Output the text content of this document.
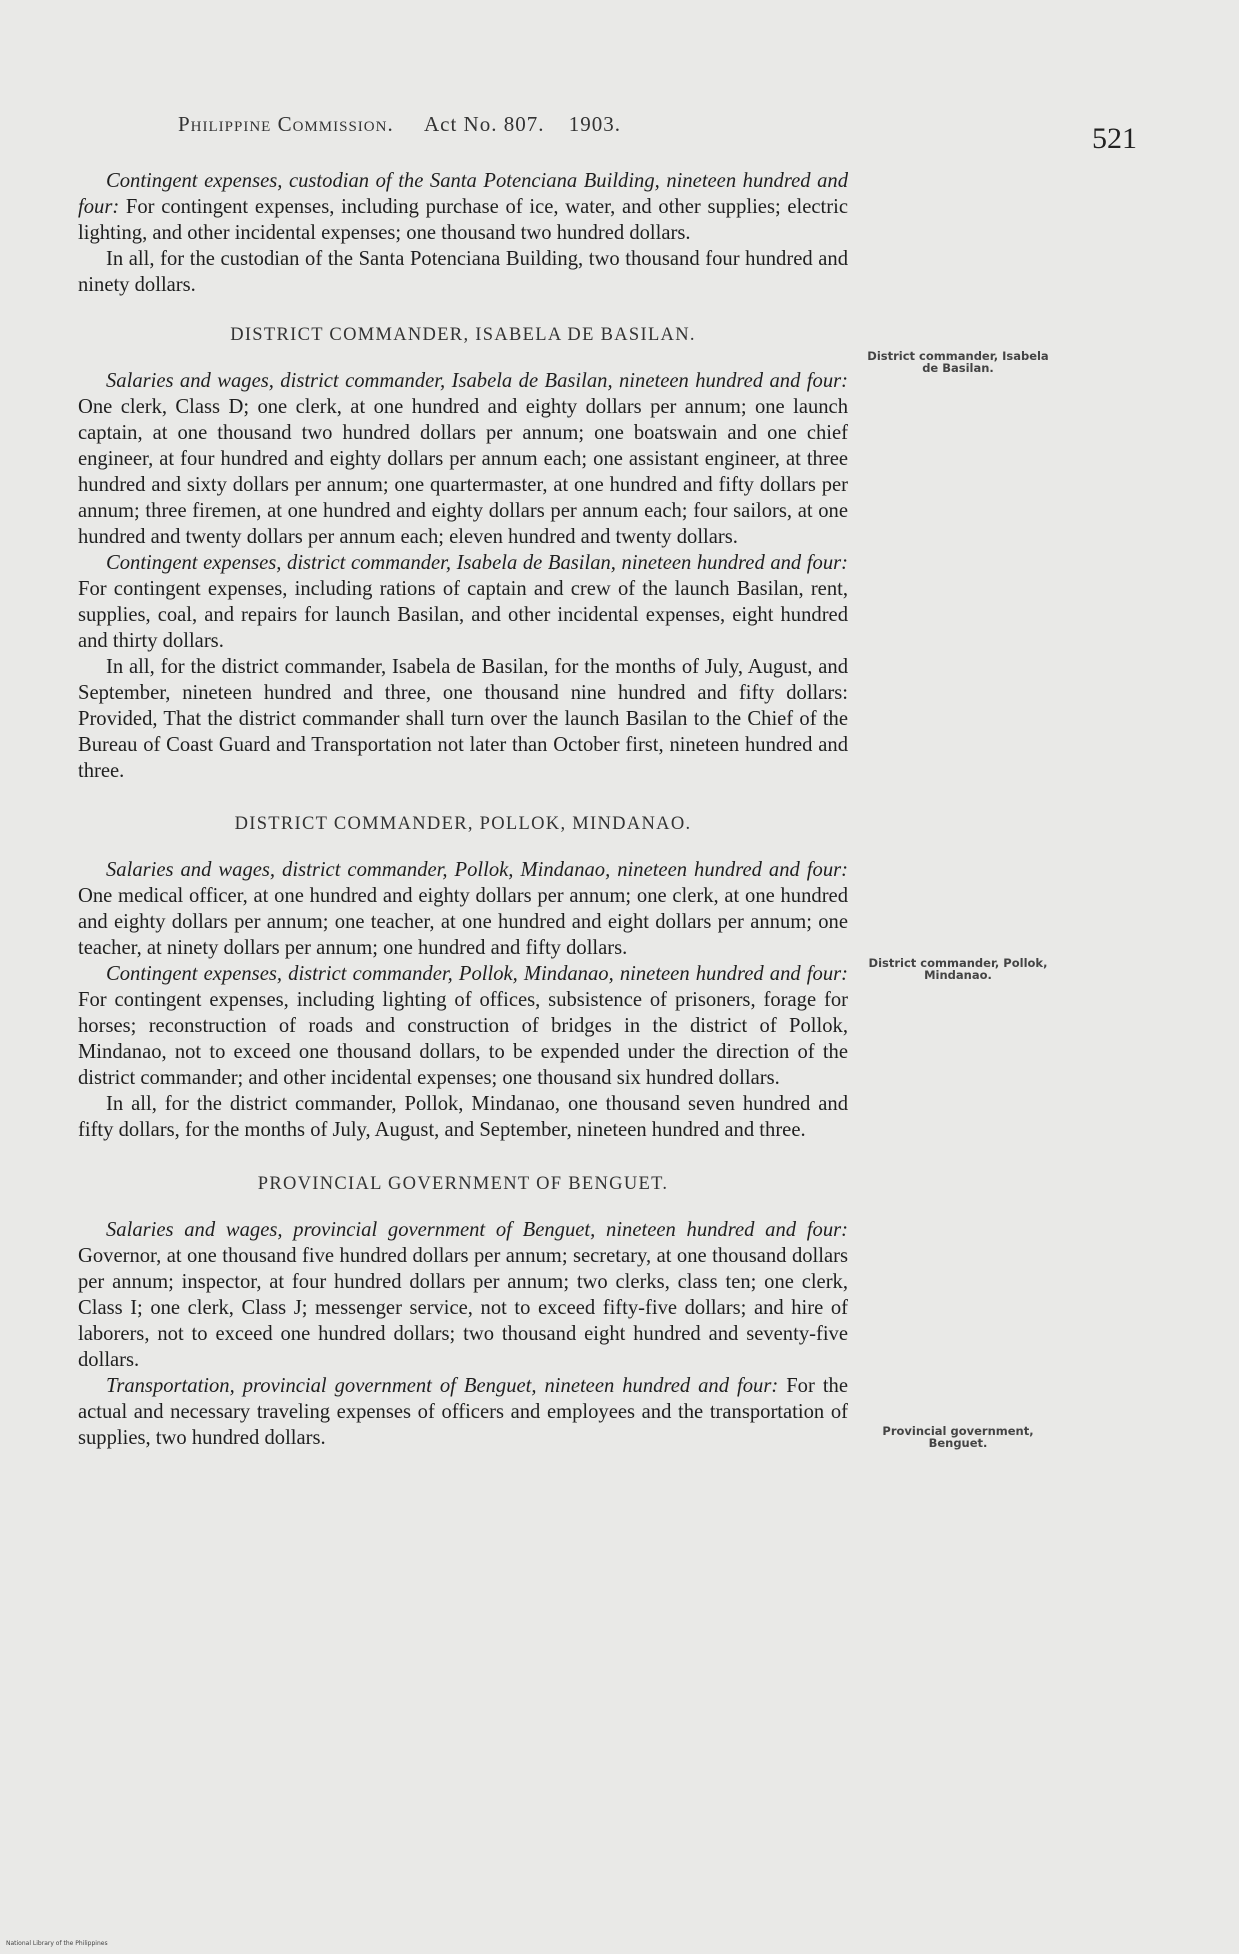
Philippine Commission. Act No. 807. 1903.	521

Contingent expenses, custodian of the Santa Potenciana Building, nineteen hundred and four: For contingent expenses, including purchase of ice, water, and other supplies; electric lighting, and other incidental expenses; one thousand two hundred dollars.

In all, for the custodian of the Santa Potenciana Building, two thousand four hundred and ninety dollars.

DISTRICT COMMANDER, ISABELA DE BASILAN.

Salaries and wages, district commander, Isabela de Basilan, nineteen hundred and four: One clerk, Class D; one clerk, at one hundred and eighty dollars per annum; one launch captain, at one thousand two hundred dollars per annum; one boatswain and one chief engineer, at four hundred and eighty dollars per annum each; one assistant engineer, at three hundred and sixty dollars per annum; one quartermaster, at one hundred and fifty dollars per annum; three firemen, at one hundred and eighty dollars per annum each; four sailors, at one hundred and twenty dollars per annum each; eleven hundred and twenty dollars.

Contingent expenses, district commander, Isabela de Basilan, nineteen hundred and four: For contingent expenses, including rations of captain and crew of the launch Basilan, rent, supplies, coal, and repairs for launch Basilan, and other incidental expenses, eight hundred and thirty dollars.

In all, for the district commander, Isabela de Basilan, for the months of July, August, and September, nineteen hundred and three, one thousand nine hundred and fifty dollars: Provided, That the district commander shall turn over the launch Basilan to the Chief of the Bureau of Coast Guard and Transportation not later than October first, nineteen hundred and three.

DISTRICT COMMANDER, POLLOK, MINDANAO.

Salaries and wages, district commander, Pollok, Mindanao, nineteen hundred and four: One medical officer, at one hundred and eighty dollars per annum; one clerk, at one hundred and eighty dollars per annum; one teacher, at one hundred and eight dollars per annum; one teacher, at ninety dollars per annum; one hundred and fifty dollars.

Contingent expenses, district commander, Pollok, Mindanao, nineteen hundred and four: For contingent expenses, including lighting of offices, subsistence of prisoners, forage for horses; reconstruction of roads and construction of bridges in the district of Pollok, Mindanao, not to exceed one thousand dollars, to be expended under the direction of the district commander; and other incidental expenses; one thousand six hundred dollars.

In all, for the district commander, Pollok, Mindanao, one thousand seven hundred and fifty dollars, for the months of July, August, and September, nineteen hundred and three.

PROVINCIAL GOVERNMENT OF BENGUET.

Salaries and wages, provincial government of Benguet, nineteen hundred and four: Governor, at one thousand five hundred dollars per annum; secretary, at one thousand dollars per annum; inspector, at four hundred dollars per annum; two clerks, class ten; one clerk, Class I; one clerk, Class J; messenger service, not to exceed fifty-five dollars; and hire of laborers, not to exceed one hundred dollars; two thousand eight hundred and seventy-five dollars.

Transportation, provincial government of Benguet, nineteen hundred and four: For the actual and necessary traveling expenses of officers and employees and the transportation of supplies, two hundred dollars.

District commander, Isabela de Basilan.
District commander, Pollok, Mindanao.
Provincial government, Benguet.
National Library of the Philippines
